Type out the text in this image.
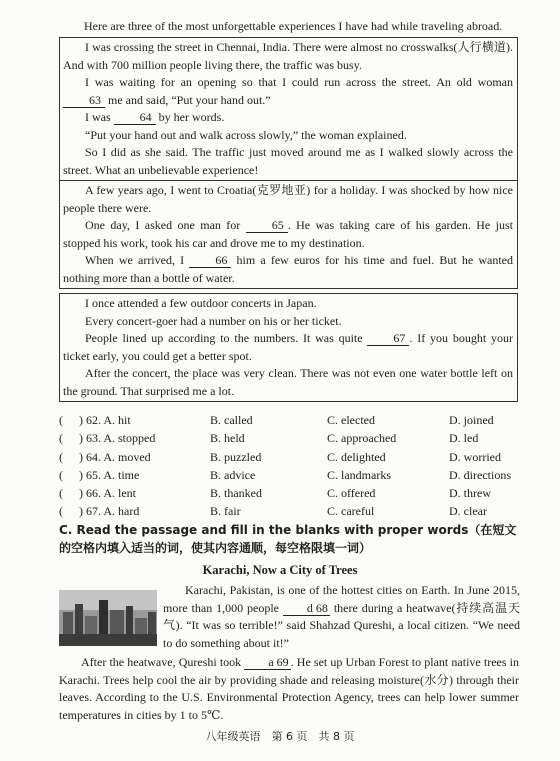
Here are three of the most unforgettable experiences I have had while traveling abroad.

I was crossing the street in Chennai, India. There were almost no crosswalks(人行横道). And with 700 million people living there, the traffic was busy.

I was waiting for an opening so that I could run across the street. An old woman 63 me and said, “Put your hand out.”

I was 64 by her words.

“Put your hand out and walk across slowly,” the woman explained.

So I did as she said. The traffic just moved around me as I walked slowly across the street. What an unbelievable experience!

A few years ago, I went to Croatia(克罗地亚) for a holiday. I was shocked by how nice people there were.

One day, I asked one man for 65 . He was taking care of his garden. He just stopped his work, took his car and drove me to my destination.

When we arrived, I 66 him a few euros for his time and fuel. But he wanted nothing more than a bottle of water.

I once attended a few outdoor concerts in Japan.

Every concert-goer had a number on his or her ticket.

People lined up according to the numbers. It was quite 67 . If you bought your ticket early, you could get a better spot.

After the concert, the place was very clean. There was not even one water bottle left on the ground. That surprised me a lot.

( ) 62. A. hit	B. called	C. elected	D. joined
( ) 63. A. stopped	B. held	C. approached	D. led
( ) 64. A. moved	B. puzzled	C. delighted	D. worried
( ) 65. A. time	B. advice	C. landmarks	D. directions
( ) 66. A. lent	B. thanked	C. offered	D. threw
( ) 67. A. hard	B. fair	C. careful	D. clear
C. Read the passage and fill in the blanks with proper words（在短文的空格内填入适当的词，使其内容通顺，每空格限填一词）
Karachi, Now a City of Trees

Karachi, Pakistan, is one of the hottest cities on Earth. In June 2015, more than 1,000 people d 68 there during a heatwave(持续高温天气). “It was so terrible!” said Shahzad Qureshi, a local citizen. “We need to do something about it!”

After the heatwave, Qureshi took a 69 . He set up Urban Forest to plant native trees in Karachi. Trees help cool the air by providing shade and releasing moisture(水分) through their leaves. According to the U.S. Environmental Protection Agency, trees can help lower summer temperatures in cities by 1 to 5℃.

八年级英语　第 6 页　共 8 页
